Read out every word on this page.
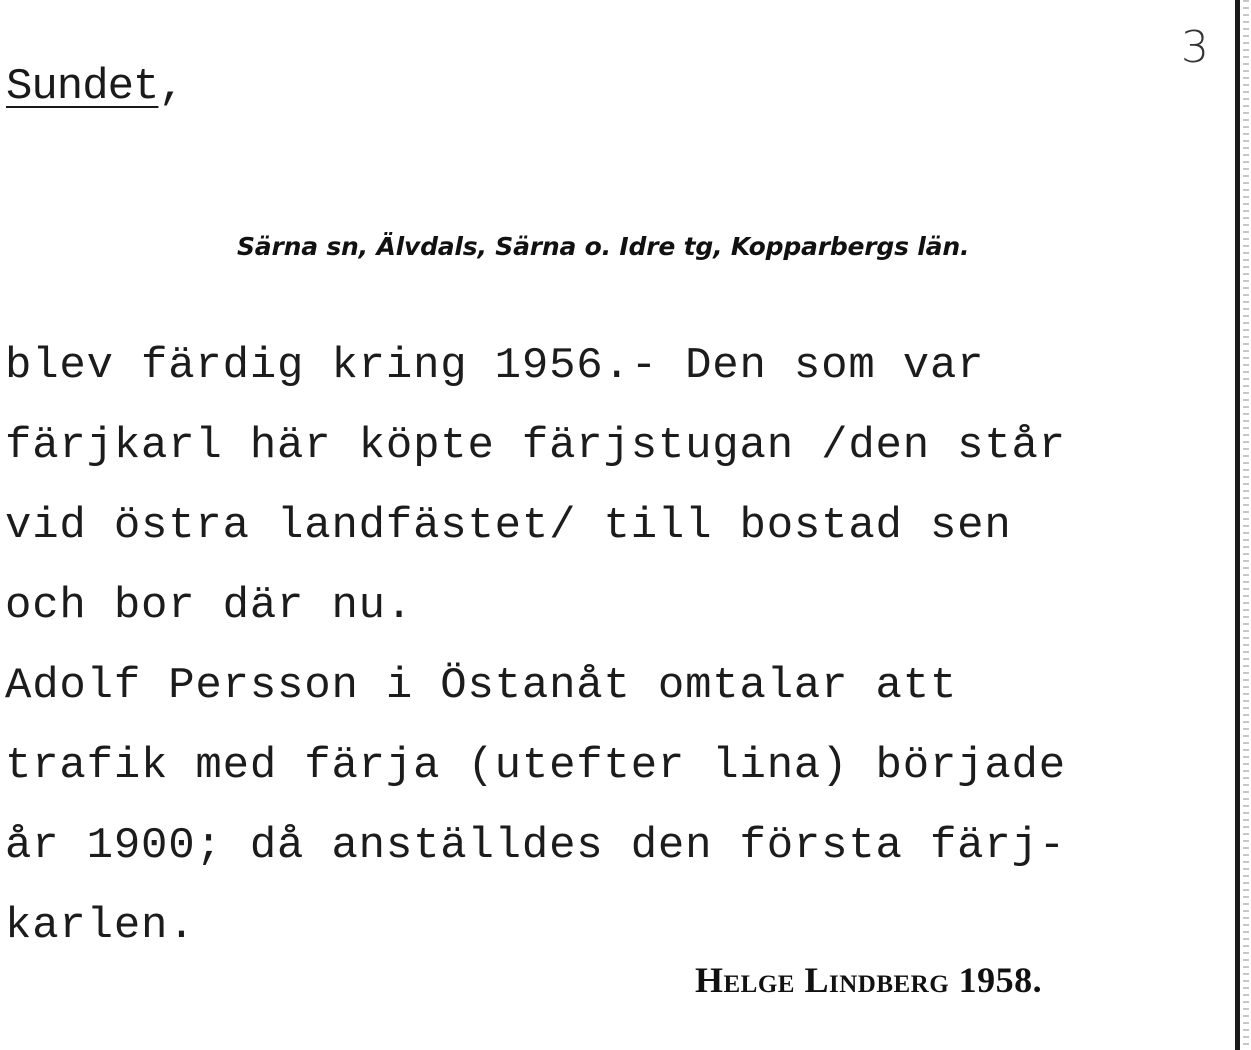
3
Sundet,
Särna sn, Älvdals, Särna o. Idre tg, Kopparbergs län.
blev färdig kring 1956.- Den som var
färjkarl här köpte färjstugan /den står
vid östra landfästet/ till bostad sen
och bor där nu.
Adolf Persson i Östanåt omtalar att
trafik med färja (utefter lina) började
år 1900; då anställdes den första färj-
karlen.
Helge Lindberg 1958.
